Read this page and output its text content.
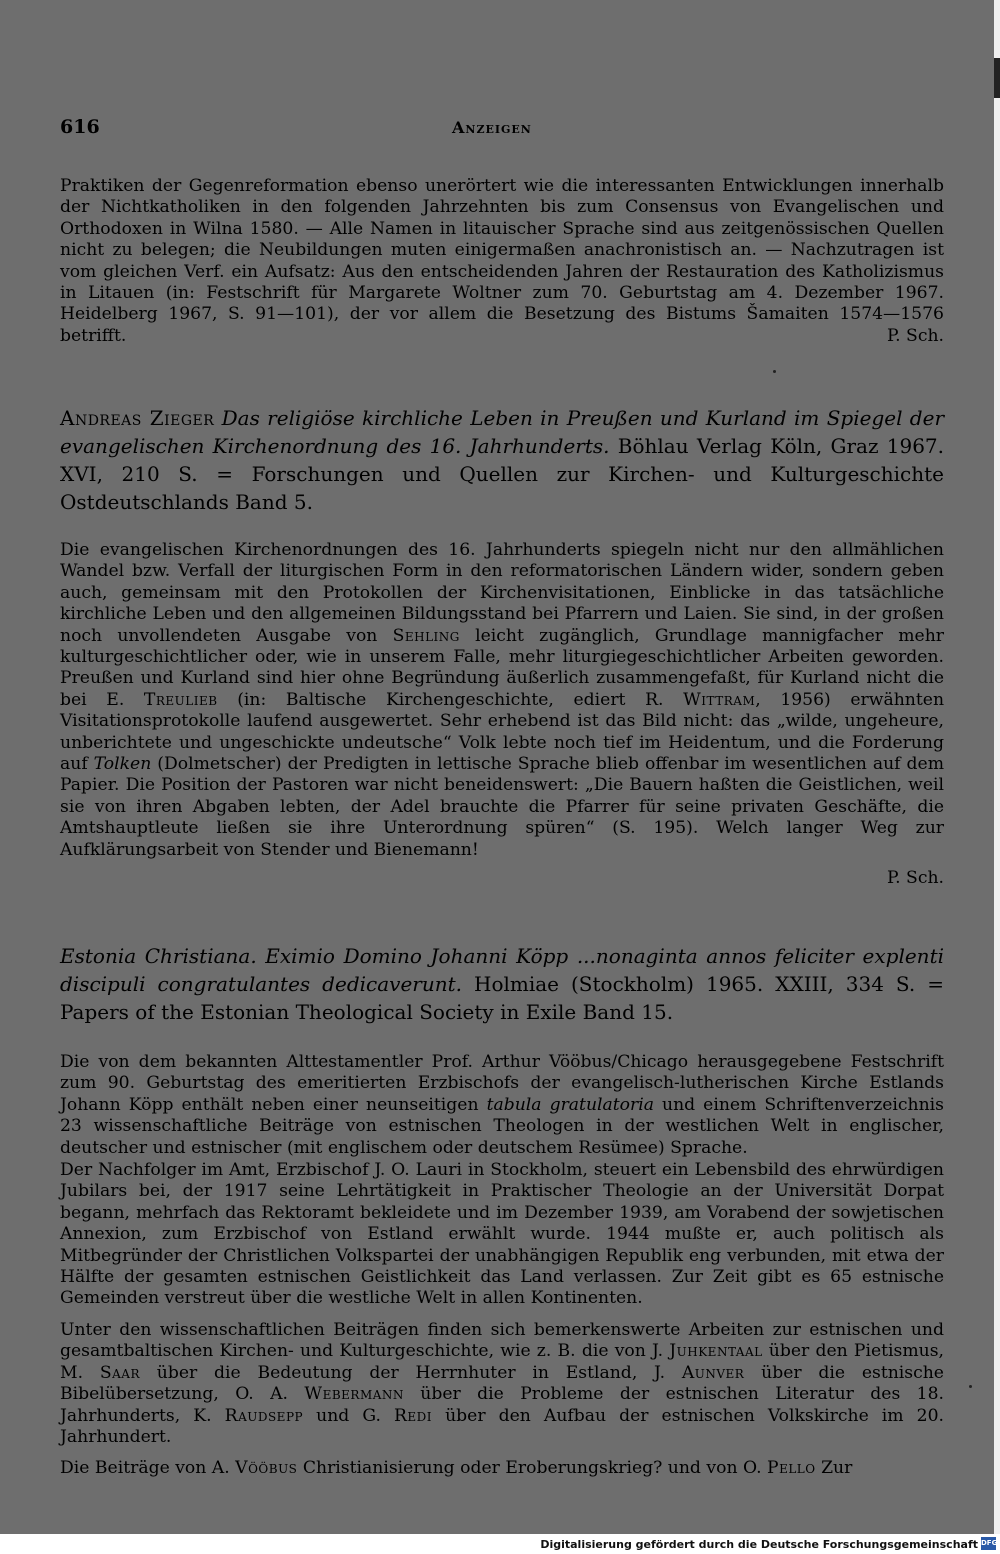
616	Anzeigen
Praktiken der Gegenreformation ebenso unerörtert wie die interessanten Entwicklungen innerhalb der Nichtkatholiken in den folgenden Jahrzehnten bis zum Consensus von Evangelischen und Orthodoxen in Wilna 1580. — Alle Namen in litauischer Sprache sind aus zeitgenössischen Quellen nicht zu belegen; die Neubildungen muten einigermaßen anachronistisch an. — Nachzutragen ist vom gleichen Verf. ein Aufsatz: Aus den entscheidenden Jahren der Restauration des Katholizismus in Litauen (in: Festschrift für Margarete Woltner zum 70. Geburtstag am 4. Dezember 1967. Heidelberg 1967, S. 91—101), der vor allem die Besetzung des Bistums Šamaiten 1574—1576 betrifft.	P. Sch.
Andreas Zieger Das religiöse kirchliche Leben in Preußen und Kurland im Spiegel der evangelischen Kirchenordnung des 16. Jahrhunderts. Böhlau Verlag Köln, Graz 1967. XVI, 210 S. = Forschungen und Quellen zur Kirchen- und Kulturgeschichte Ostdeutschlands Band 5.
Die evangelischen Kirchenordnungen des 16. Jahrhunderts spiegeln nicht nur den allmählichen Wandel bzw. Verfall der liturgischen Form in den reformatorischen Ländern wider, sondern geben auch, gemeinsam mit den Protokollen der Kirchenvisitationen, Einblicke in das tatsächliche kirchliche Leben und den allgemeinen Bildungsstand bei Pfarrern und Laien. Sie sind, in der großen noch unvollendeten Ausgabe von Sehling leicht zugänglich, Grundlage mannigfacher mehr kulturgeschichtlicher oder, wie in unserem Falle, mehr liturgiegeschichtlicher Arbeiten geworden. Preußen und Kurland sind hier ohne Begründung äußerlich zusammengefaßt, für Kurland nicht die bei E. Treulieb (in: Baltische Kirchengeschichte, ediert R. Wittram, 1956) erwähnten Visitationsprotokolle laufend ausgewertet. Sehr erhebend ist das Bild nicht: das „wilde, ungeheure, unberichtete und ungeschickte undeutsche“ Volk lebte noch tief im Heidentum, und die Forderung auf Tolken (Dolmetscher) der Predigten in lettische Sprache blieb offenbar im wesentlichen auf dem Papier. Die Position der Pastoren war nicht beneidenswert: „Die Bauern haßten die Geistlichen, weil sie von ihren Abgaben lebten, der Adel brauchte die Pfarrer für seine privaten Geschäfte, die Amtshauptleute ließen sie ihre Unterordnung spüren“ (S. 195). Welch langer Weg zur Aufklärungsarbeit von Stender und Bienemann!
P. Sch.
Estonia Christiana. Eximio Domino Johanni Köpp ...nonaginta annos feliciter explenti discipuli congratulantes dedicaverunt. Holmiae (Stockholm) 1965. XXIII, 334 S. = Papers of the Estonian Theological Society in Exile Band 15.
Die von dem bekannten Alttestamentler Prof. Arthur Vööbus/Chicago herausgegebene Festschrift zum 90. Geburtstag des emeritierten Erzbischofs der evangelisch-lutherischen Kirche Estlands Johann Köpp enthält neben einer neunseitigen tabula gratulatoria und einem Schriftenverzeichnis 23 wissenschaftliche Beiträge von estnischen Theologen in der westlichen Welt in englischer, deutscher und estnischer (mit englischem oder deutschem Resümee) Sprache.
Der Nachfolger im Amt, Erzbischof J. O. Lauri in Stockholm, steuert ein Lebensbild des ehrwürdigen Jubilars bei, der 1917 seine Lehrtätigkeit in Praktischer Theologie an der Universität Dorpat begann, mehrfach das Rektoramt bekleidete und im Dezember 1939, am Vorabend der sowjetischen Annexion, zum Erzbischof von Estland erwählt wurde. 1944 mußte er, auch politisch als Mitbegründer der Christlichen Volkspartei der unabhängigen Republik eng verbunden, mit etwa der Hälfte der gesamten estnischen Geistlichkeit das Land verlassen. Zur Zeit gibt es 65 estnische Gemeinden verstreut über die westliche Welt in allen Kontinenten.
Unter den wissenschaftlichen Beiträgen finden sich bemerkenswerte Arbeiten zur estnischen und gesamtbaltischen Kirchen- und Kulturgeschichte, wie z. B. die von J. Juhkentaal über den Pietismus, M. Saar über die Bedeutung der Herrnhuter in Estland, J. Aunver über die estnische Bibelübersetzung, O. A. Webermann über die Probleme der estnischen Literatur des 18. Jahrhunderts, K. Raudsepp und G. Redi über den Aufbau der estnischen Volkskirche im 20. Jahrhundert.
Die Beiträge von A. Vööbus Christianisierung oder Eroberungskrieg? und von O. Pello Zur
Digitalisierung gefördert durch die Deutsche Forschungsgemeinschaft DFG
